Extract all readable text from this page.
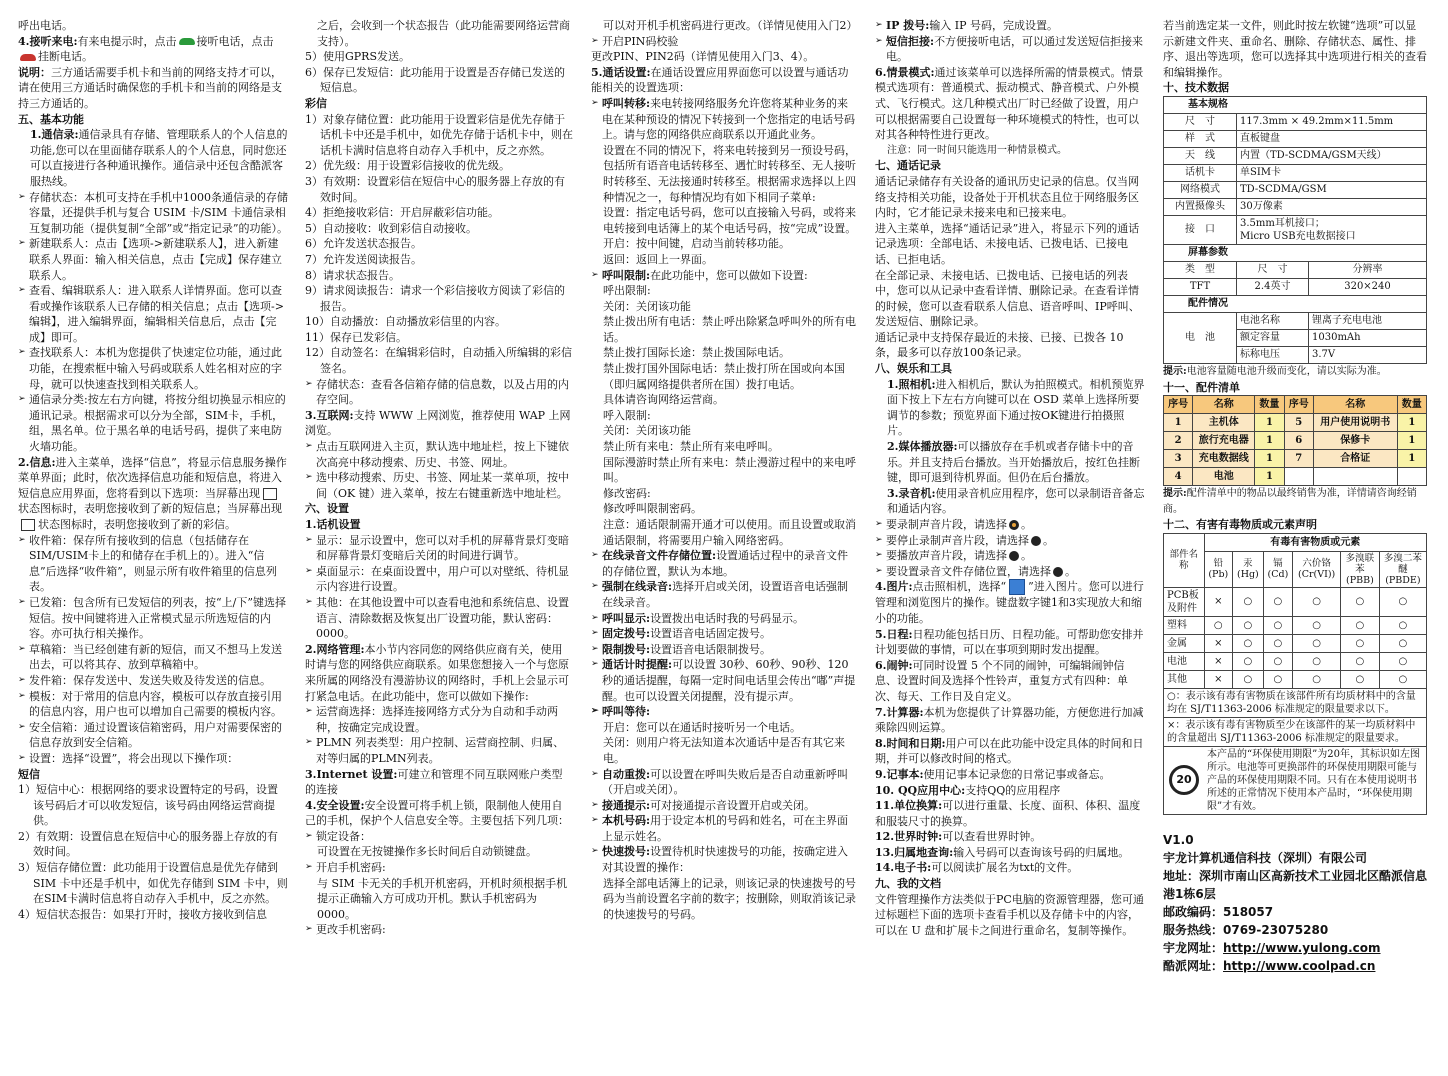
呼出电话。

4.接听来电:有来电提示时，点击 接听电话，点击挂断电话。

说明：三方通话需要手机卡和当前的网络支持才可以，请在使用三方通话时确保您的手机卡和当前的网络是支持三方通话的。

五、基本功能

1.通信录:通信录具有存储、管理联系人的个人信息的功能,您可以在里面储存联系人的个人信息，同时您还可以直接进行各种通讯操作。通信录中还包含酷派客服热线。

➢ 存储状态：本机可支持在手机中1000条通信录的存储容量，还提供手机与复合 USIM 卡/SIM 卡通信录相互复制功能（提供复制“全部”或“指定记录”的功能）。

➢ 新建联系人：点击【选项->新建联系人】，进入新建联系人界面：输入相关信息，点击【完成】保存建立联系人。

➢ 查看、编辑联系人：进入联系人详情界面。您可以查看或操作该联系人已存储的相关信息；点击【选项->编辑】，进入编辑界面，编辑相关信息后，点击【完成】即可。

➢ 查找联系人：本机为您提供了快速定位功能，通过此功能，在搜索框中输入号码或联系人姓名相对应的字母，就可以快速查找到相关联系人。

➢ 通信录分类:按左右方向键，将按分组切换显示相应的通讯记录。根据需求可以分为全部，SIM卡，手机，组，黑名单。位于黑名单的电话号码，提供了来电防火墙功能。

2.信息:进入主菜单，选择“信息”，将显示信息服务操作菜单界面；此时，依次选择信息功能和短信息，将进入短信息应用界面，您将看到以下选项：当屏幕出现状态图标时，表明您接收到了新的短信息；当屏幕出现状态图标时，表明您接收到了新的彩信。

➢ 收件箱：保存所有接收到的信息（包括储存在SIM/USIM卡上的和储存在手机上的）。进入“信息”后选择“收件箱”，则显示所有收件箱里的信息列表。

➢ 已发箱：包含所有已发短信的列表，按“上/下”键选择短信。按中间键将进入正常模式显示所选短信的内容。亦可执行相关操作。

➢ 草稿箱：当已经创建有新的短信，而又不想马上发送出去，可以将其存、放到草稿箱中。

➢ 发件箱：保存发送中、发送失败及待发送的信息。

➢ 模板：对于常用的信息内容，模板可以存放直接引用的信息内容，用户也可以增加自己需要的模板内容。

➢ 安全信箱：通过设置该信箱密码，用户对需要保密的信息存放到安全信箱。

➢ 设置：选择“设置”，将会出现以下操作项：

短信

1）短信中心：根据网络的要求设置特定的号码，设置该号码后才可以收发短信，该号码由网络运营商提供。

2）有效期：设置信息在短信中心的服务器上存放的有效时间。

3）短信存储位置：此功能用于设置信息是优先存储到 SIM 卡中还是手机中，如优先存储到 SIM 卡中，则在SIM卡满时信息将自动存入手机中，反之亦然。

4）短信状态报告：如果打开时，接收方接收到信息

之后，会收到一个状态报告（此功能需要网络运营商支持）。

5）使用GPRS发送。

6）保存已发短信：此功能用于设置是否存储已发送的短信息。

彩信

1）对象存储位置：此功能用于设置彩信是优先存储于话机卡中还是手机中，如优先存储于话机卡中，则在话机卡满时信息将自动存入手机中，反之亦然。

2）优先级：用于设置彩信接收的优先级。

3）有效期：设置彩信在短信中心的服务器上存放的有效时间。

4）拒绝接收彩信：开启屏蔽彩信功能。

5）自动接收：收到彩信自动接收。

6）允许发送状态报告。

7）允许发送阅读报告。

8）请求状态报告。

9）请求阅读报告：请求一个彩信接收方阅读了彩信的报告。

10）自动播放：自动播放彩信里的内容。

11）保存已发彩信。

12）自动签名：在编辑彩信时，自动插入所编辑的彩信签名。

➢ 存储状态：查看各信箱存储的信息数，以及占用的内存空间。

3.互联网:支持 WWW 上网浏览，推荐使用 WAP 上网浏览。

➢ 点击互联网进入主页，默认选中地址栏，按上下键依次高亮中移动搜索、历史、书签、网址。

➢ 选中移动搜索、历史、书签、网址某一菜单项，按中间（OK 键）进入菜单，按左右键重新选中地址栏。

六、设置

1.话机设置

➢ 显示：显示设置中，您可以对手机的屏幕背景灯变暗和屏幕背景灯变暗后关闭的时间进行调节。

➢ 桌面显示：在桌面设置中，用户可以对壁纸、待机显示内容进行设置。

➢ 其他：在其他设置中可以查看电池和系统信息、设置语言、清除数据及恢复出厂设置功能，默认密码：0000。

2.网络管理:本小节内容同您的网络供应商有关，使用时请与您的网络供应商联系。如果您想接入一个与您原来所属的网络没有漫游协议的网络时，手机上会显示可打紧急电话。在此功能中，您可以做如下操作:

➢ 运营商选择：选择连接网络方式分为自动和手动两种，按确定完成设置。

➢ PLMN 列表类型：用户控制、运营商控制、归属、对等归属的PLMN列表。

3.Internet 设置:可建立和管理不同互联网账户类型的连接

4.安全设置:安全设置可将手机上锁，限制他人使用自己的手机，保护个人信息安全等。主要包括下列几项：

➢ 锁定设备：

可设置在无按键操作多长时间后自动锁键盘。

➢ 开启手机密码:

与 SIM 卡无关的手机开机密码，开机时须根据手机提示正确输入方可成功开机。默认手机密码为0000。

➢ 更改手机密码:

可以对开机手机密码进行更改。（详情见使用入门2）

➢ 开启PIN码校验

更改PIN、PIN2码（详情见使用入门3、4）。

5.通话设置:在通话设置应用界面您可以设置与通话功能相关的设置选项：

➢ 呼叫转移:来电转接网络服务允许您将某种业务的来电在某种预设的情况下转接到一个您指定的电话号码上。请与您的网络供应商联系以开通此业务。

设置在不同的情况下，将来电转接到另一预设号码，包括所有语音电话转移至、遇忙时转移至、无人接听时转移至、无法接通时转移至。根据需求选择以上四种情况之一，每种情况均有如下相同子菜单:

设置：指定电话号码，您可以直接输入号码，或将来电转接到电话簿上的某个电话号码，按“完成”设置。

开启：按中间键，启动当前转移功能。

返回：返回上一界面。

➢ 呼叫限制:在此功能中，您可以做如下设置:

呼出限制:

关闭：关闭该功能

禁止拨出所有电话：禁止呼出除紧急呼叫外的所有电话。

禁止拨打国际长途：禁止拨国际电话。

禁止拨打国外国际电话：禁止拨打所在国或向本国（即归属网络提供者所在国）拨打电话。

具体请咨询网络运营商。

呼入限制:

关闭：关闭该功能

禁止所有来电：禁止所有来电呼叫。

国际漫游时禁止所有来电：禁止漫游过程中的来电呼叫。

修改密码:

修改呼叫限制密码。

注意：通话限制需开通才可以使用。而且设置或取消通话限制，将需要用户输入网络密码。

➢ 在线录音文件存储位置:设置通话过程中的录音文件的存储位置，默认为本地。

➢ 强制在线录音:选择开启或关闭，设置语音电话强制在线录音。

➢ 呼叫显示:设置拨出电话时我的号码显示。

➢ 固定拨号:设置语音电话固定拨号。

➢ 限制拨号:设置语音电话限制拨号。

➢ 通话计时提醒:可以设置 30秒、60秒、90秒、120 秒的通话提醒，每隔一定时间电话里会传出“嘟”声提醒。也可以设置关闭提醒，没有提示声。

➢ 呼叫等待:

开启：您可以在通话时接听另一个电话。

关闭：则用户将无法知道本次通话中是否有其它来电。

➢ 自动重拨:可以设置在呼叫失败后是否自动重新呼叫（开启或关闭）。

➢ 接通提示:可对接通提示音设置开启或关闭。

➢ 本机号码:用于设定本机的号码和姓名，可在主界面上显示姓名。

➢ 快速拨号:设置待机时快速拨号的功能，按确定进入对其设置的操作：

选择全部电话簿上的记录，则该记录的快速拨号的号码为当前设置名字前的数字；按删除，则取消该记录的快速拨号的号码。

➢ IP 拨号:输入 IP 号码，完成设置。

➢ 短信拒接:不方便接听电话，可以通过发送短信拒接来电。

6.情景模式:通过该菜单可以选择所需的情景模式。情景模式选项有：普通模式、振动模式、静音模式、户外模式、飞行模式。这几种模式出厂时已经做了设置，用户可以根据需要自己设置每一种环境模式的特性，也可以对其各种特性进行更改。

注意：同一时间只能选用一种情景模式。

七、通话记录

通话记录储存有关设备的通讯历史记录的信息。仅当网络支持相关功能，设备处于开机状态且位于网络服务区内时，它才能记录未接来电和已接来电。

进入主菜单，选择“通话记录”进入，将显示下列的通话记录选项：全部电话、未接电话、已拨电话、已接电话、已拒电话。

在全部记录、未接电话、已拨电话、已接电话的列表中，您可以从记录中查看详情、删除记录。在查看详情的时候，您可以查看联系人信息、语音呼叫、IP呼叫、发送短信、删除记录。

通话记录中支持保存最近的未接、已接、已拨各 10条，最多可以存放100条记录。

八、娱乐和工具

1.照相机:进入相机后，默认为拍照模式。相机预览界面下按上下左右方向键可以在 OSD 菜单上选择所要调节的参数；预览界面下通过按OK键进行拍摄照片。

2.媒体播放器:可以播放存在手机或者存储卡中的音乐。并且支持后台播放。当开始播放后，按红色挂断键，即可退到待机界面。但仍在后台播放。

3.录音机:使用录音机应用程序，您可以录制语音备忘和通话内容。

➢ 要录制声音片段，请选择 。

➢ 要停止录制声音片段，请选择 。

➢ 要播放声音片段，请选择 。

➢ 要设置录音文件存储位置，请选择 。

4.图片:点击照相机，选择“ ”进入图片。您可以进行管理和浏览图片的操作。键盘数字键1和3实现放大和缩小的功能。

5.日程:日程功能包括日历、日程功能。可帮助您安排并计划要做的事情，可以在事项到期时发出提醒。

6.闹钟:可同时设置 5 个不同的闹钟，可编辑闹钟信息、设置时间及选择个性铃声，重复方式有四种：单次、每天、工作日及自定义。

7.计算器:本机为您提供了计算器功能，方便您进行加减乘除四则运算。

8.时间和日期:用户可以在此功能中设定具体的时间和日期，并可以修改时间的格式。

9.记事本:使用记事本记录您的日常记事或备忘。

10. QQ应用中心:支持QQ的应用程序

11.单位换算:可以进行重量、长度、面积、体积、温度和服装尺寸的换算。

12.世界时钟:可以查看世界时钟。

13.归属地查询:输入号码可以查询该号码的归属地。

14.电子书:可以阅读扩展名为txt的文件。

九、我的文档

文件管理操作方法类似于PC电脑的资源管理器，您可通过标题栏下面的选项卡查看手机以及存储卡中的内容，可以在 U 盘和扩展卡之间进行重命名，复制等操作。

若当前选定某一文件，则此时按左软键“选项”可以显示新建文件夹、重命名、删除、存储状态、属性、排序、退出等选项，您可以选择其中选项进行相关的查看和编辑操作。

十、技术数据

基本规格		
尺　寸	117.3mm × 49.2mm×11.5mm	
样　式	直板键盘	
天　线	内置（TD-SCDMA/GSM天线）	
话机卡	单SIM卡	
网络模式	TD-SCDMA/GSM	
内置摄像头	30万像素	
接　口	3.5mm耳机接口；
Micro USB充电数据接口	
屏幕参数		
类　型	尺　寸	分辨率
TFT	2.4英寸	320×240
配件情况		
电　池	电池名称	锂离子充电电池
	额定容量	1030mAh
	标称电压	3.7V

提示:电池容量随电池升级而变化，请以实际为准。

十一、配件清单

序号	名称	数量	序号	名称	数量
1	主机体	1	5	用户使用说明书	1
2	旅行充电器	1	6	保修卡	1
3	充电数据线	1	7	合格证	1
4	电池	1			

提示:配件清单中的物品以最终销售为准，详情请咨询经销商。

十二、有害有毒物质或元素声明

部件名称	有毒有害物质或元素					
	铅(Pb)	汞(Hg)	镉(Cd)	六价铬(Cr(VI))	多溴联苯(PBB)	多溴二苯醚(PBDE)
PCB板及附件	×	○	○	○	○	○
塑料	○	○	○	○	○	○
金属	×	○	○	○	○	○
电池	×	○	○	○	○	○
其他	×	○	○	○	○	○
○：表示该有毒有害物质在该部件所有均质材料中的含量均在 SJ/T11363-2006 标准规定的限量要求以下。						
×：表示该有毒有害物质至少在该部件的某一均质材料中的含量超出 SJ/T11363-2006 标准规定的限量要求。						
20	本产品的“环保使用期限”为20年，其标识如左图所示。电池等可更换部件的环保使用期限可能与产品的环保使用期限不同。只有在本使用说明书所述的正常情况下使用本产品时，“环保使用期限”才有效。					

V1.0

宇龙计算机通信科技（深圳）有限公司

地址：深圳市南山区高新技术工业园北区酷派信息港1栋6层

邮政编码：518057

服务热线：0769-23075280

宇龙网址：http://www.yulong.com

酷派网址：http://www.coolpad.cn
